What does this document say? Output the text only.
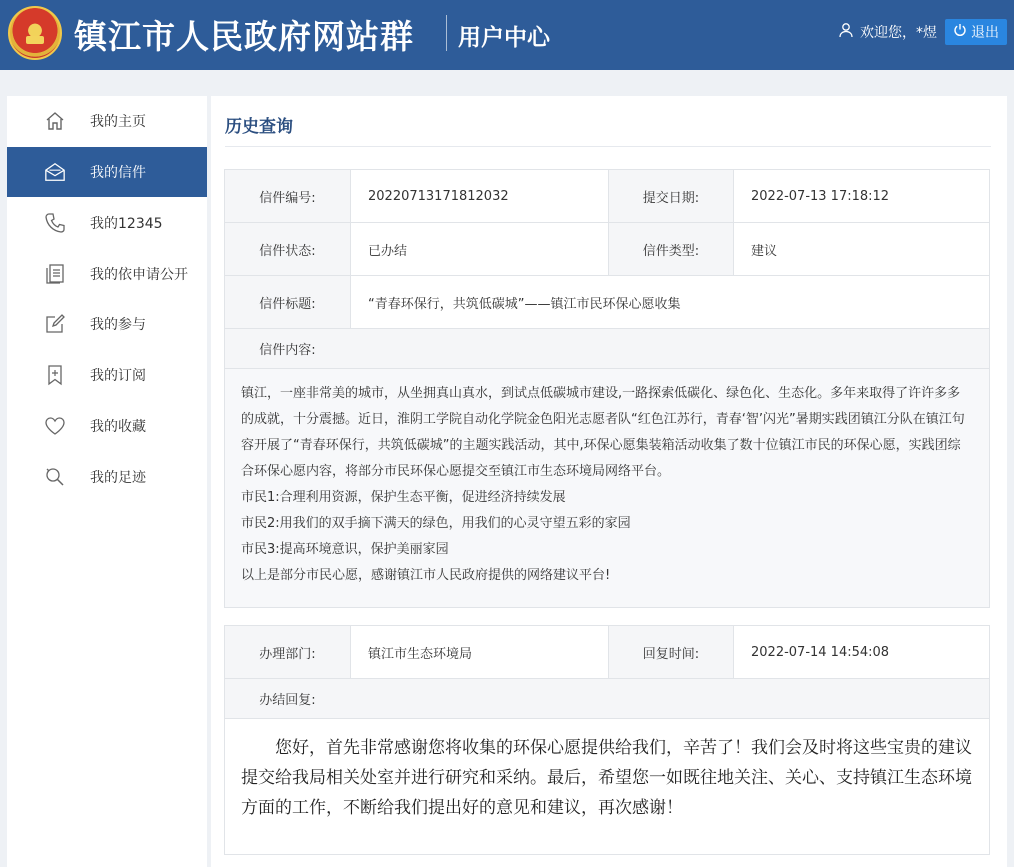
镇江市人民政府网站群 用户中心	欢迎您，*煜 退出
我的主页
我的信件
我的12345
我的依申请公开
我的参与
我的订阅
我的收藏
我的足迹
历史查询
信件编号:	20220713171812032	提交日期:	2022-07-13 17:18:12
信件状态:	已办结	信件类型:	建议
信件标题:	“青春环保行，共筑低碳城”——镇江市民环保心愿收集
信件内容:

镇江，一座非常美的城市，从坐拥真山真水，到试点低碳城市建设,一路探索低碳化、绿色化、生态化。多年来取得了许许多多的成就，十分震撼。近日，淮阴工学院自动化学院金色阳光志愿者队“红色江苏行，青春‘智’闪光”暑期实践团镇江分队在镇江句容开展了“青春环保行，共筑低碳城”的主题实践活动，其中,环保心愿集装箱活动收集了数十位镇江市民的环保心愿，实践团综合环保心愿内容，将部分市民环保心愿提交至镇江市生态环境局网络平台。

市民1:合理利用资源，保护生态平衡，促进经济持续发展

市民2:用我们的双手摘下满天的绿色，用我们的心灵守望五彩的家园

市民3:提高环境意识，保护美丽家园

以上是部分市民心愿，感谢镇江市人民政府提供的网络建议平台!

办理部门:	镇江市生态环境局	回复时间:	2022-07-14 14:54:08
办结回复:
您好，首先非常感谢您将收集的环保心愿提供给我们，辛苦了！我们会及时将这些宝贵的建议提交给我局相关处室并进行研究和采纳。最后，希望您一如既往地关注、关心、支持镇江生态环境方面的工作，不断给我们提出好的意见和建议，再次感谢！
